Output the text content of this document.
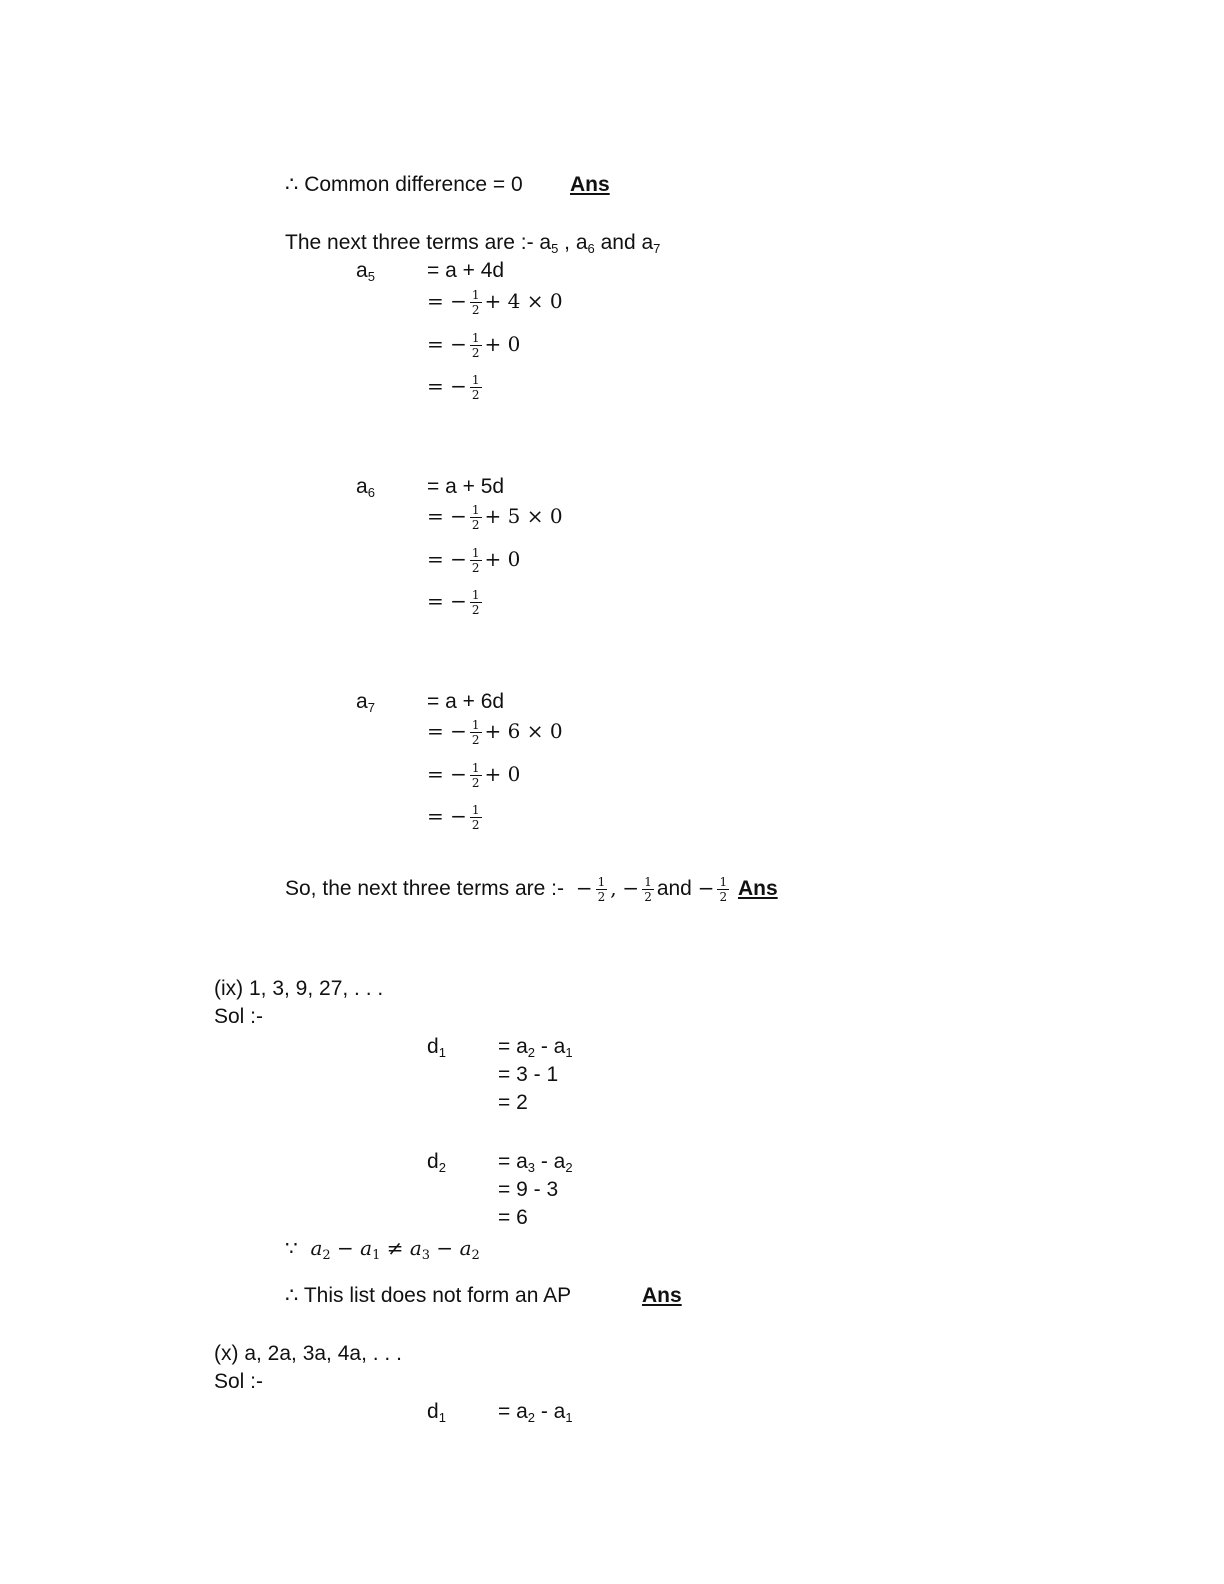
∴ Common difference = 0 Ans
The next three terms are :- $a_5$ , $a_6$ and $a_7$
$a_5 = a + 4d$
= − $\frac{1}{2} + 4 \times 0$
= − $\frac{1}{2} + 0$
= − $\frac{1}{2}$
$a_6 = a + 5d$
= − $\frac{1}{2} + 5 \times 0$
= − $\frac{1}{2} + 0$
= − $\frac{1}{2}$
$a_7 = a + 6d$
= − $\frac{1}{2} + 6 \times 0$
= − $\frac{1}{2} + 0$
= − $\frac{1}{2}$
So, the next three terms are :- − $\frac{1}{2}$ , − $\frac{1}{2}$ and − $\frac{1}{2}$ Ans
(ix) 1, 3, 9, 27, . . .
Sol :-
$d_1 = a_2 - a_1$
= 3 - 1
= 2
$d_2 = a_3 - a_2$
= 9 - 3
= 6
∵ $a_2 - a_1 \ne a_3 - a_2$
∴ This list does not form an AP	Ans
(x) a, 2a, 3a, 4a, . . .
Sol :-
$d_1 = a_2 - a_1$
